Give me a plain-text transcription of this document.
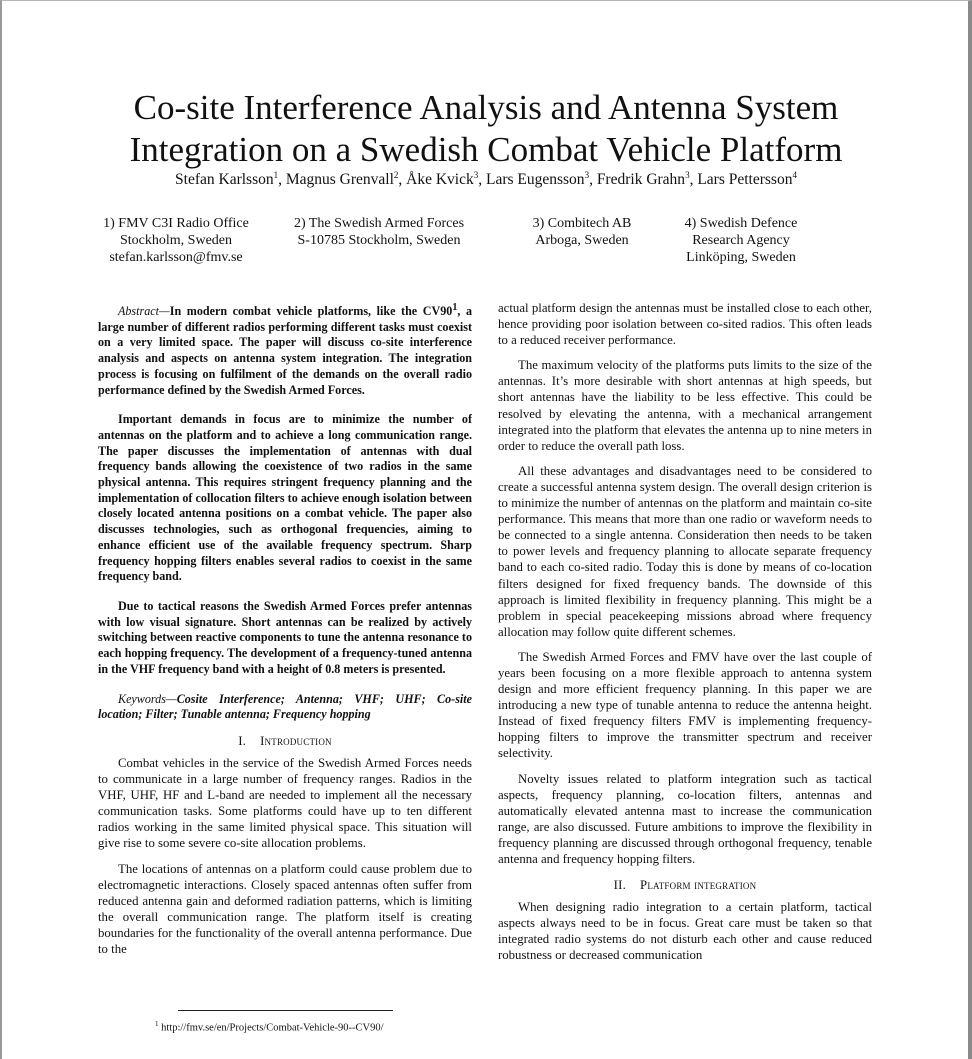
Co-site Interference Analysis and Antenna System
Integration on a Swedish Combat Vehicle Platform
Stefan Karlsson$^1$, Magnus Grenvall$^2$, Åke Kvick$^3$, Lars Eugensson$^3$, Fredrik Grahn$^3$, Lars Pettersson$^4$
1) FMV C3I Radio Office
Stockholm, Sweden
stefan.karlsson@fmv.se
2) The Swedish Armed Forces
S-10785 Stockholm, Sweden
3) Combitech AB
Arboga, Sweden
4) Swedish Defence
Research Agency
Linköping, Sweden

Abstract—In modern combat vehicle platforms, like the $CV90^1$, a large number of different radios performing different tasks must coexist on a very limited space. The paper will discuss co-site interference analysis and aspects on antenna system integration. The integration process is focusing on fulfilment of the demands on the overall radio performance defined by the Swedish Armed Forces.

Important demands in focus are to minimize the number of antennas on the platform and to achieve a long communication range. The paper discusses the implementation of antennas with dual frequency bands allowing the coexistence of two radios in the same physical antenna. This requires stringent frequency planning and the implementation of collocation filters to achieve enough isolation between closely located antenna positions on a combat vehicle. The paper also discusses technologies, such as orthogonal frequencies, aiming to enhance efficient use of the available frequency spectrum. Sharp frequency hopping filters enables several radios to coexist in the same frequency band.

Due to tactical reasons the Swedish Armed Forces prefer antennas with low visual signature. Short antennas can be realized by actively switching between reactive components to tune the antenna resonance to each hopping frequency. The development of a frequency-tuned antenna in the VHF frequency band with a height of 0.8 meters is presented.

Keywords—Cosite Interference; Antenna; VHF; UHF; Co-site location; Filter; Tunable antenna; Frequency hopping

I. Introduction

Combat vehicles in the service of the Swedish Armed Forces needs to communicate in a large number of frequency ranges. Radios in the VHF, UHF, HF and L-band are needed to implement all the necessary communication tasks. Some platforms could have up to ten different radios working in the same limited physical space. This situation will give rise to some severe co-site allocation problems.

The locations of antennas on a platform could cause problem due to electromagnetic interactions. Closely spaced antennas often suffer from reduced antenna gain and deformed radiation patterns, which is limiting the overall communication range. The platform itself is creating boundaries for the functionality of the overall antenna performance. Due to the

actual platform design the antennas must be installed close to each other, hence providing poor isolation between co-sited radios. This often leads to a reduced receiver performance.

The maximum velocity of the platforms puts limits to the size of the antennas. It’s more desirable with short antennas at high speeds, but short antennas have the liability to be less effective. This could be resolved by elevating the antenna, with a mechanical arrangement integrated into the platform that elevates the antenna up to nine meters in order to reduce the overall path loss.

All these advantages and disadvantages need to be considered to create a successful antenna system design. The overall design criterion is to minimize the number of antennas on the platform and maintain co-site performance. This means that more than one radio or waveform needs to be connected to a single antenna. Consideration then needs to be taken to power levels and frequency planning to allocate separate frequency band to each co-sited radio. Today this is done by means of co-location filters designed for fixed frequency bands. The downside of this approach is limited flexibility in frequency planning. This might be a problem in special peacekeeping missions abroad where frequency allocation may follow quite different schemes.

The Swedish Armed Forces and FMV have over the last couple of years been focusing on a more flexible approach to antenna system design and more efficient frequency planning. In this paper we are introducing a new type of tunable antenna to reduce the antenna height. Instead of fixed frequency filters FMV is implementing frequency-hopping filters to improve the transmitter spectrum and receiver selectivity.

Novelty issues related to platform integration such as tactical aspects, frequency planning, co-location filters, antennas and automatically elevated antenna mast to increase the communication range, are also discussed. Future ambitions to improve the flexibility in frequency planning are discussed through orthogonal frequency, tenable antenna and frequency hopping filters.

II. Platform integration

When designing radio integration to a certain platform, tactical aspects always need to be in focus. Great care must be taken so that integrated radio systems do not disturb each other and cause reduced robustness or decreased communication

$^1$ http://fmv.se/en/Projects/Combat-Vehicle-90--CV90/
